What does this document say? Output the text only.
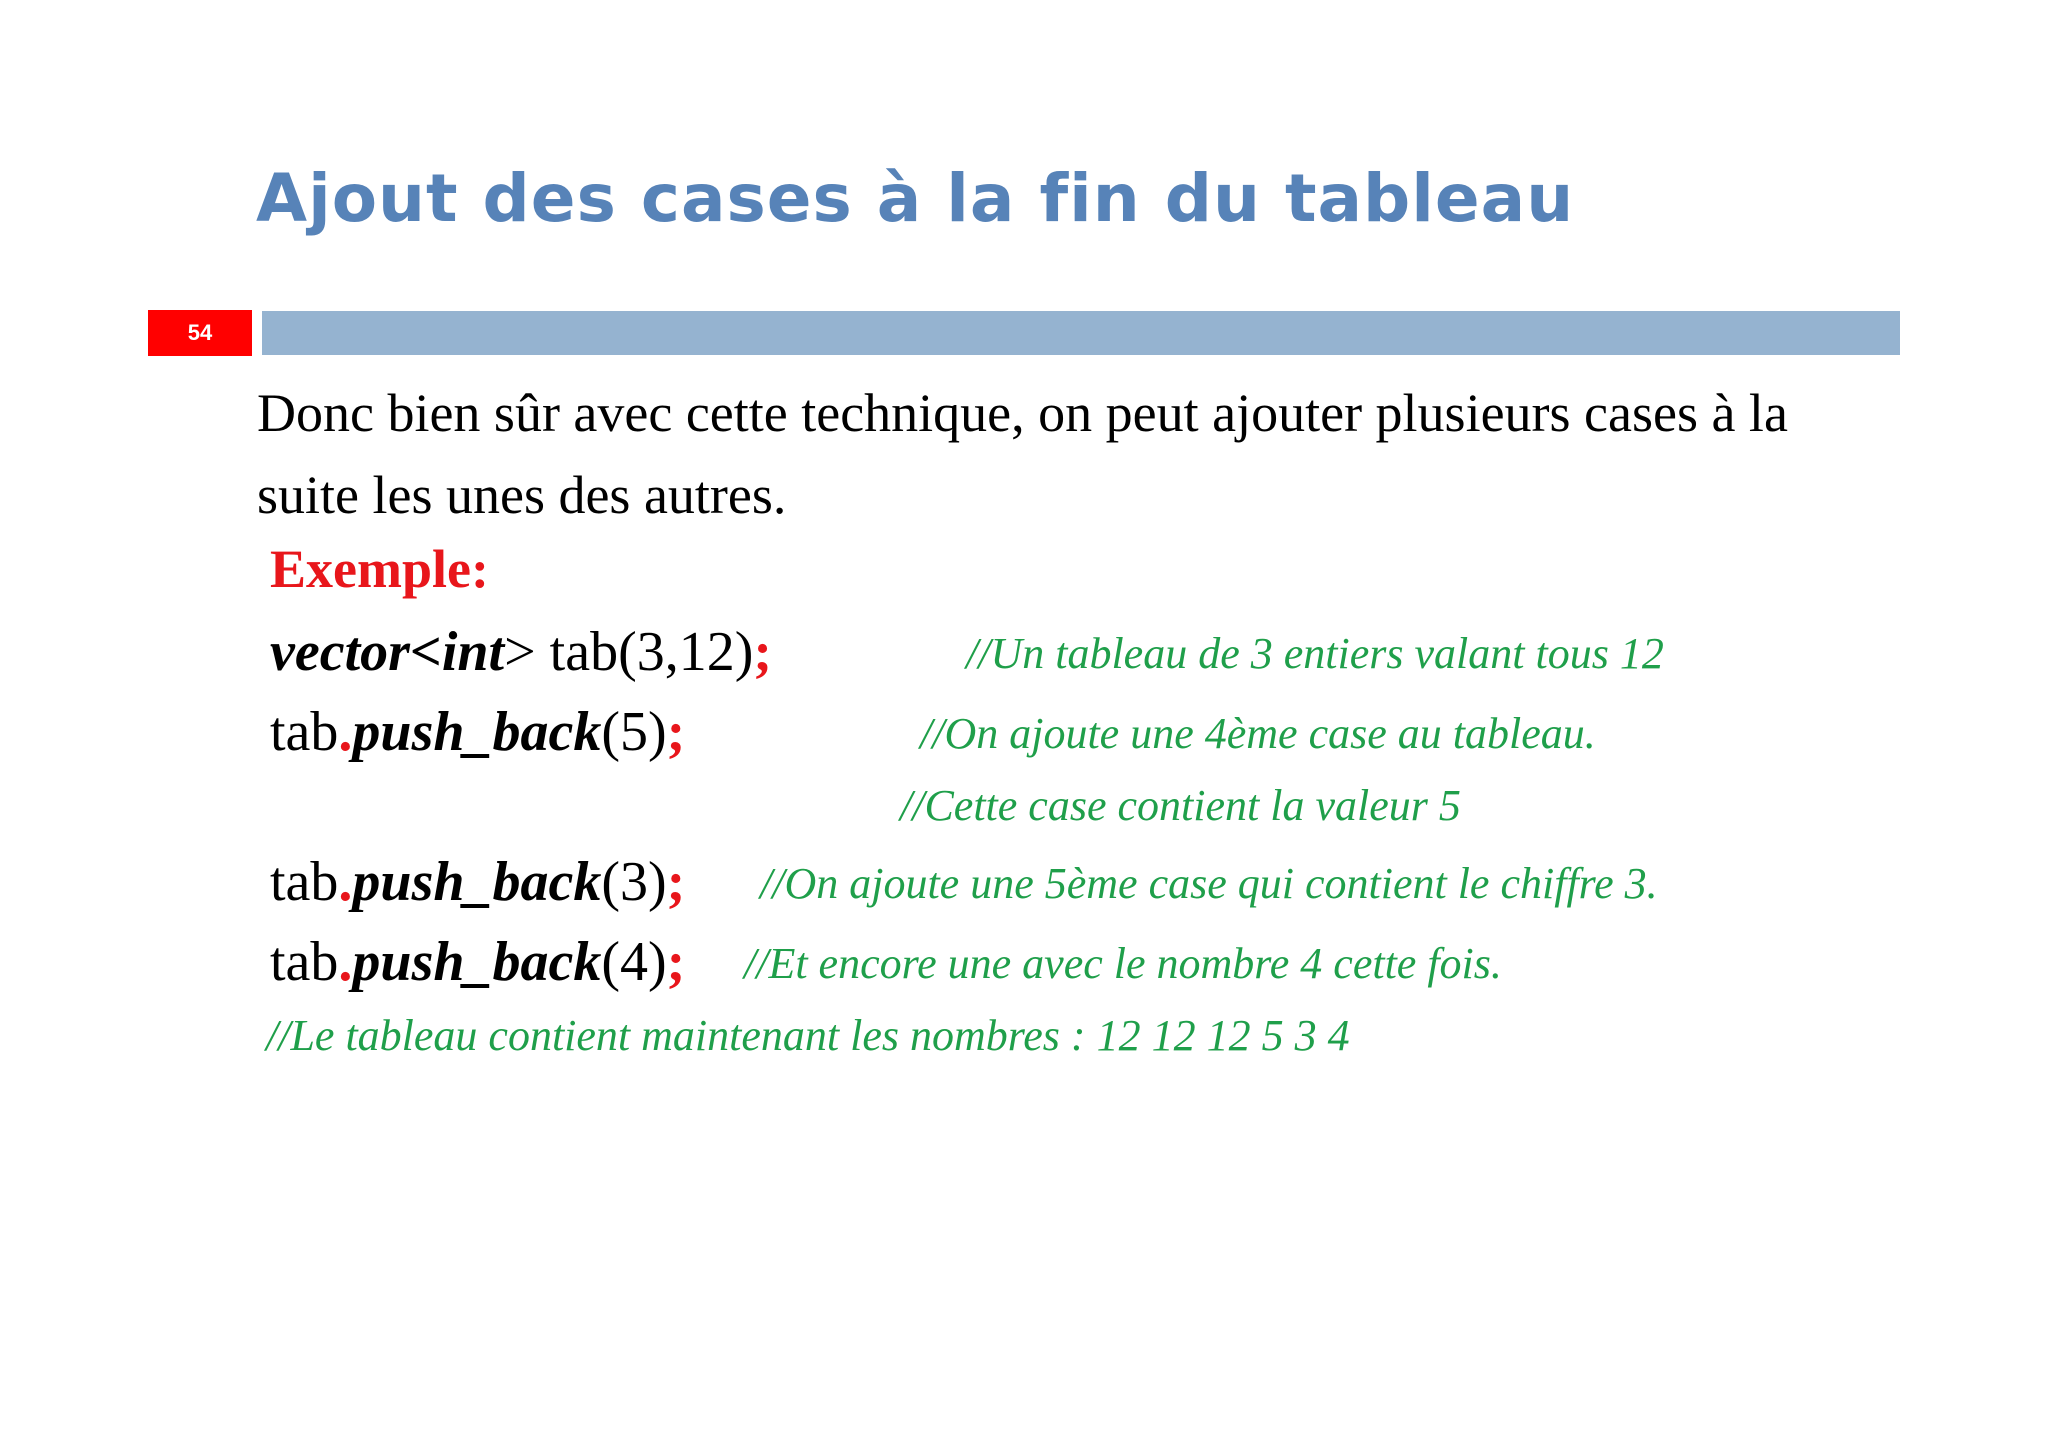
Ajout des cases à la fin du tableau
54

Donc bien sûr avec cette technique, on peut ajouter plusieurs cases à la suite les unes des autres.

Exemple:

vector<int> tab(3,12);	//Un tableau de 3 entiers valant tous 12
tab.push_back(5);	//On ajoute une 4ème case au tableau.
//Cette case contient la valeur 5
tab.push_back(3); //On ajoute une 5ème case qui contient le chiffre 3.
tab.push_back(4); //Et encore une avec le nombre 4 cette fois.
//Le tableau contient maintenant les nombres : 12 12 12 5 3 4
